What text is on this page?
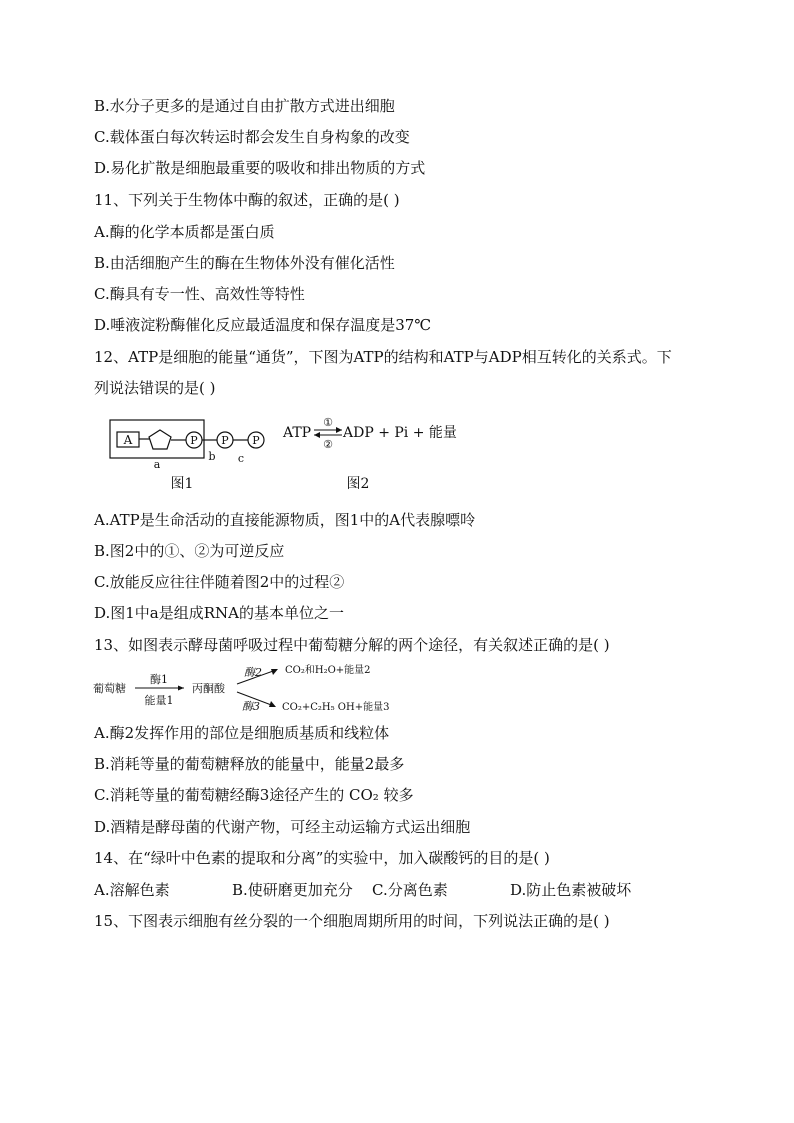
B.水分子更多的是通过自由扩散方式进出细胞
C.载体蛋白每次转运时都会发生自身构象的改变
D.易化扩散是细胞最重要的吸收和排出物质的方式
11、下列关于生物体中酶的叙述，正确的是( )
A.酶的化学本质都是蛋白质
B.由活细胞产生的酶在生物体外没有催化活性
C.酶具有专一性、高效性等特性
D.唾液淀粉酶催化反应最适温度和保存温度是37℃
12、ATP是细胞的能量“通货”，下图为ATP的结构和ATP与ADP相互转化的关系式。下
列说法错误的是( )
A	P P P
a
b c
图1
ATP
①
②
ADP + Pi + 能量
图2
A.ATP是生命活动的直接能源物质，图1中的A代表腺嘌呤
B.图2中的①、②为可逆反应
C.放能反应往往伴随着图2中的过程②
D.图1中a是组成RNA的基本单位之一
13、如图表示酵母菌呼吸过程中葡萄糖分解的两个途径，有关叙述正确的是( )
葡萄糖
酶1
能量1
丙酮酸
酶2 CO₂和H₂O+能量2
酶3 CO₂+C₂H₅ OH+能量3
A.酶2发挥作用的部位是细胞质基质和线粒体
B.消耗等量的葡萄糖释放的能量中，能量2最多
C.消耗等量的葡萄糖经酶3途径产生的 CO₂ 较多
D.酒精是酵母菌的代谢产物，可经主动运输方式运出细胞
14、在“绿叶中色素的提取和分离”的实验中，加入碳酸钙的目的是( )
A.溶解色素	B.使研磨更加充分	C.分离色素	D.防止色素被破坏
15、下图表示细胞有丝分裂的一个细胞周期所用的时间，下列说法正确的是( )
